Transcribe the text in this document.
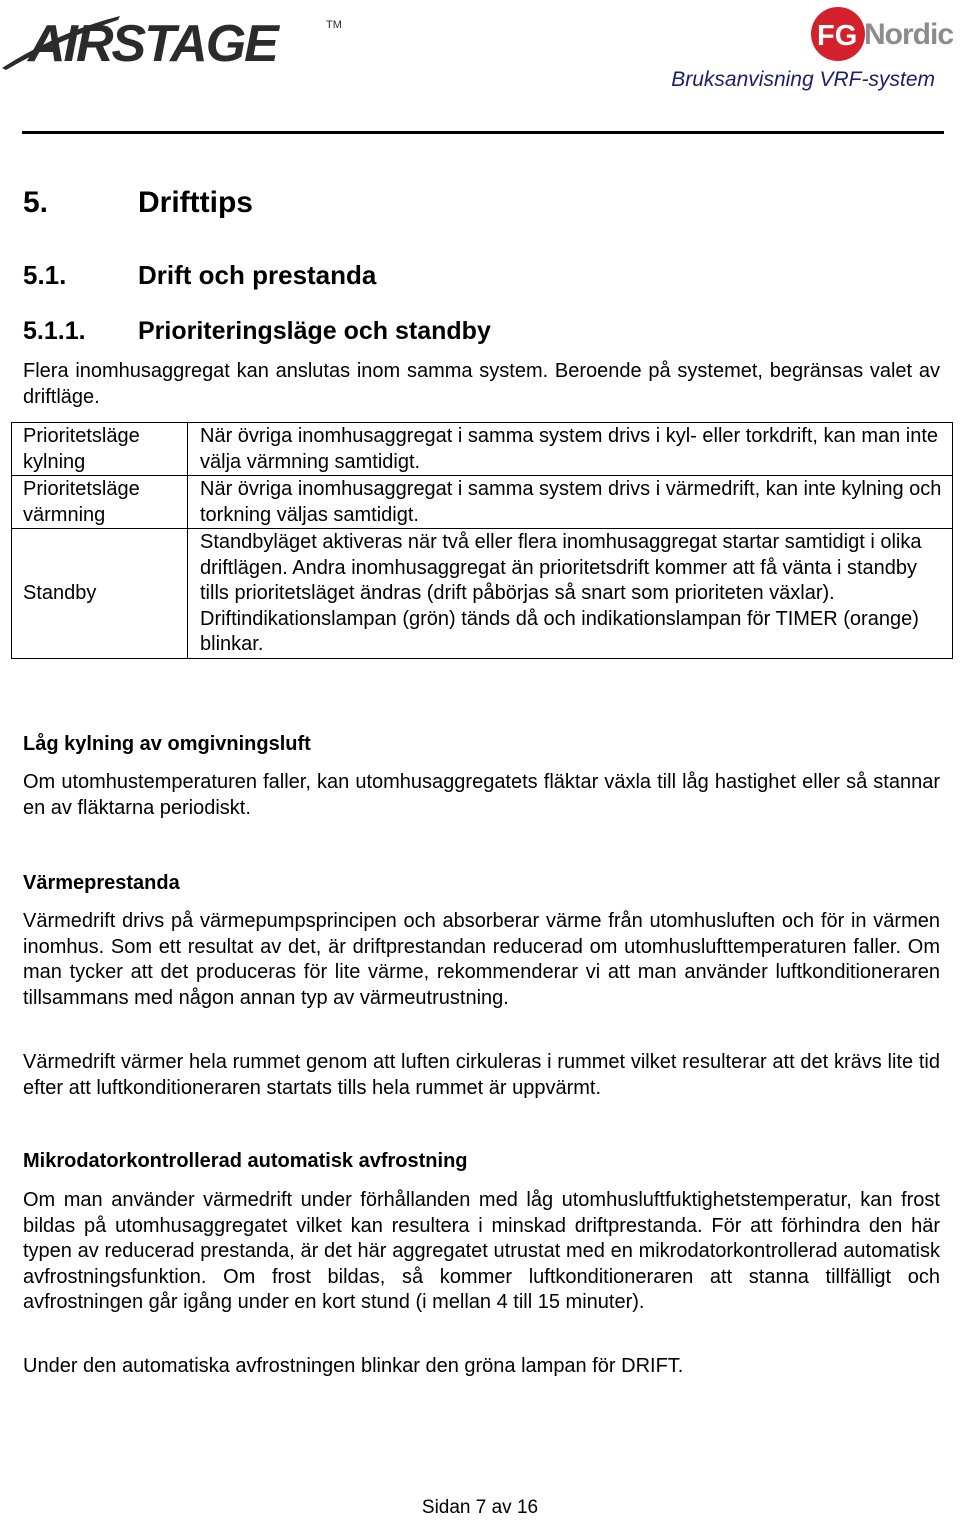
AIRSTAGE	TM	FG Nordic
Bruksanvisning VRF-system
5.	Drifttips
5.1.	Drift och prestanda
5.1.1. Prioriteringsläge och standby
Flera inomhusaggregat kan anslutas inom samma system. Beroende på systemet, begränsas valet av driftläge.
Prioritetsläge kylning	När övriga inomhusaggregat i samma system drivs i kyl- eller torkdrift, kan man inte välja värmning samtidigt.
Prioritetsläge värmning	När övriga inomhusaggregat i samma system drivs i värmedrift, kan inte kylning och torkning väljas samtidigt.
Standby	Standbyläget aktiveras när två eller flera inomhusaggregat startar samtidigt i olika driftlägen. Andra inomhusaggregat än prioritetsdrift kommer att få vänta i standby tills prioritetsläget ändras (drift påbörjas så snart som prioriteten växlar).
Driftindikationslampan (grön) tänds då och indikationslampan för TIMER (orange) blinkar.
Låg kylning av omgivningsluft
Om utomhustemperaturen faller, kan utomhusaggregatets fläktar växla till låg hastighet eller så stannar en av fläktarna periodiskt.
Värmeprestanda
Värmedrift drivs på värmepumpsprincipen och absorberar värme från utomhusluften och för in värmen inomhus. Som ett resultat av det, är driftprestandan reducerad om utomhuslufttemperaturen faller. Om man tycker att det produceras för lite värme, rekommenderar vi att man använder luftkonditioneraren tillsammans med någon annan typ av värmeutrustning.
Värmedrift värmer hela rummet genom att luften cirkuleras i rummet vilket resulterar att det krävs lite tid efter att luftkonditioneraren startats tills hela rummet är uppvärmt.
Mikrodatorkontrollerad automatisk avfrostning
Om man använder värmedrift under förhållanden med låg utomhusluftfuktighetstemperatur, kan frost bildas på utomhusaggregatet vilket kan resultera i minskad driftprestanda. För att förhindra den här typen av reducerad prestanda, är det här aggregatet utrustat med en mikrodatorkontrollerad automatisk avfrostningsfunktion. Om frost bildas, så kommer luftkonditioneraren att stanna tillfälligt och avfrostningen går igång under en kort stund (i mellan 4 till 15 minuter).
Under den automatiska avfrostningen blinkar den gröna lampan för DRIFT.
Sidan 7 av 16
